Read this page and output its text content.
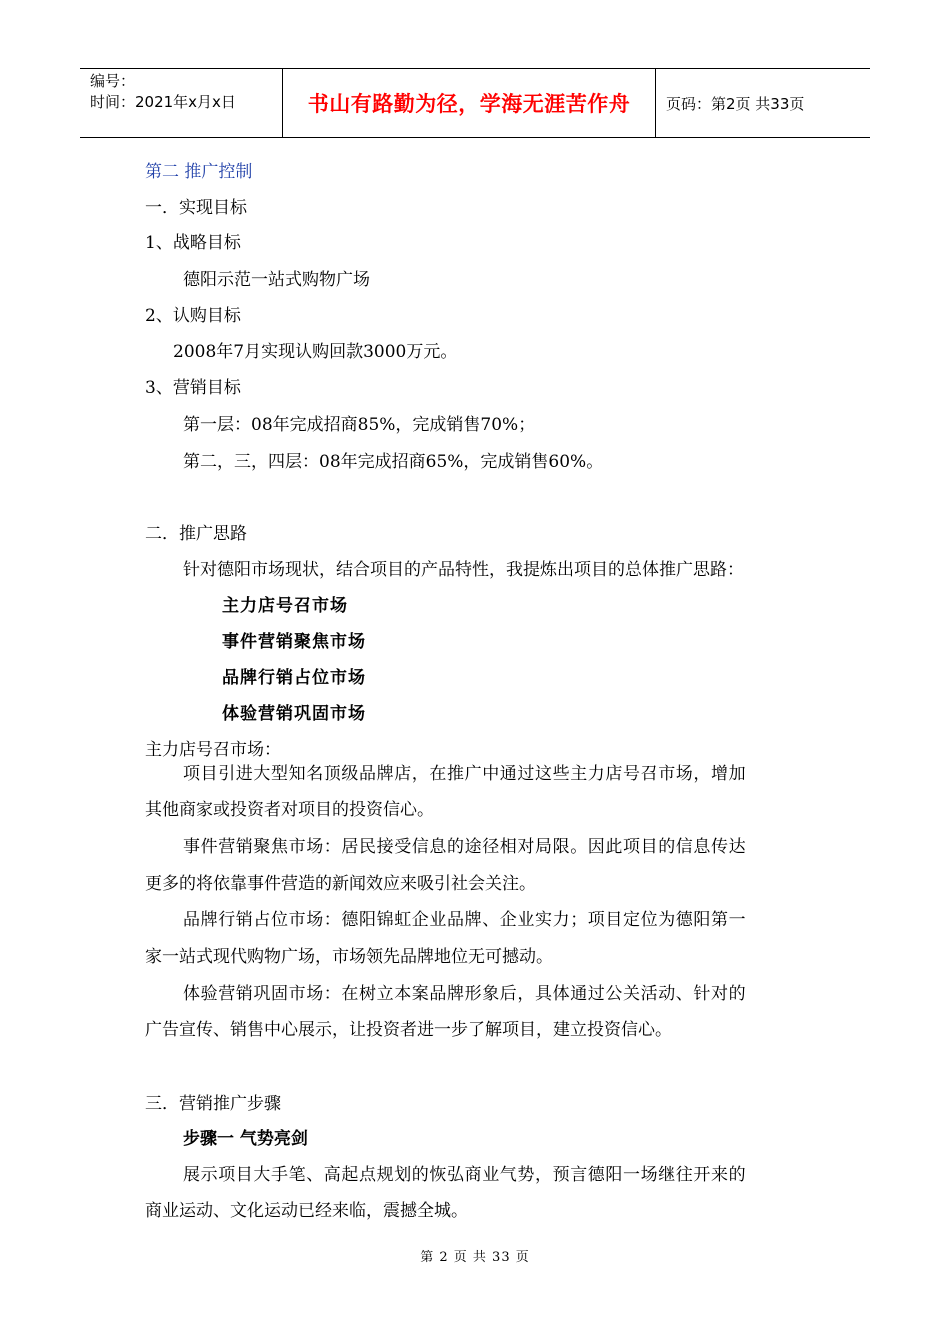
编号：
时间：2021年x月x日	书山有路勤为径，学海无涯苦作舟 页码：第2页 共33页
第二 推广控制
一．实现目标
1、战略目标
德阳示范一站式购物广场
2、认购目标
2008年7月实现认购回款3000万元。
3、营销目标
第一层：08年完成招商85%，完成销售70%；
第二，三，四层：08年完成招商65%，完成销售60%。
二．推广思路
针对德阳市场现状，结合项目的产品特性，我提炼出项目的总体推广思路：
主力店号召市场
事件营销聚焦市场
品牌行销占位市场
体验营销巩固市场
主力店号召市场：
项目引进大型知名顶级品牌店，在推广中通过这些主力店号召市场，增加
其他商家或投资者对项目的投资信心。
事件营销聚焦市场：居民接受信息的途径相对局限。因此项目的信息传达
更多的将依靠事件营造的新闻效应来吸引社会关注。
品牌行销占位市场：德阳锦虹企业品牌、企业实力；项目定位为德阳第一
家一站式现代购物广场，市场领先品牌地位无可撼动。
体验营销巩固市场：在树立本案品牌形象后，具体通过公关活动、针对的
广告宣传、销售中心展示，让投资者进一步了解项目，建立投资信心。
三．营销推广步骤
步骤一 气势亮剑
展示项目大手笔、高起点规划的恢弘商业气势，预言德阳一场继往开来的
商业运动、文化运动已经来临，震撼全城。
第 2 页 共 33 页
